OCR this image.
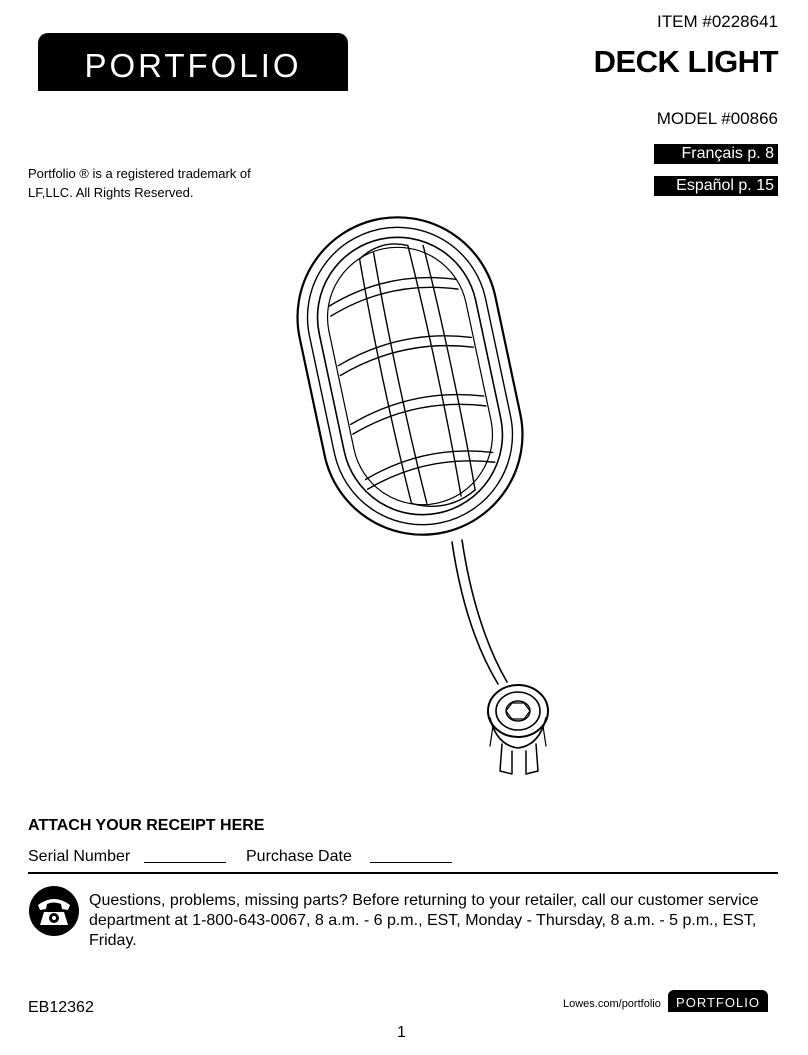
PORTFOLIO
ITEM #0228641
DECK LIGHT
MODEL #00866
Français p. 8
Español p. 15
Portfolio ® is a registered trademark of
LF,LLC. All Rights Reserved.
ATTACH YOUR RECEIPT HERE
Serial Number	Purchase Date
Questions, problems, missing parts? Before returning to your retailer, call our customer service department at 1-800-643-0067, 8 a.m. - 6 p.m., EST, Monday - Thursday, 8 a.m. - 5 p.m., EST, Friday.
EB12362	Lowes.com/portfolio	PORTFOLIO
1
